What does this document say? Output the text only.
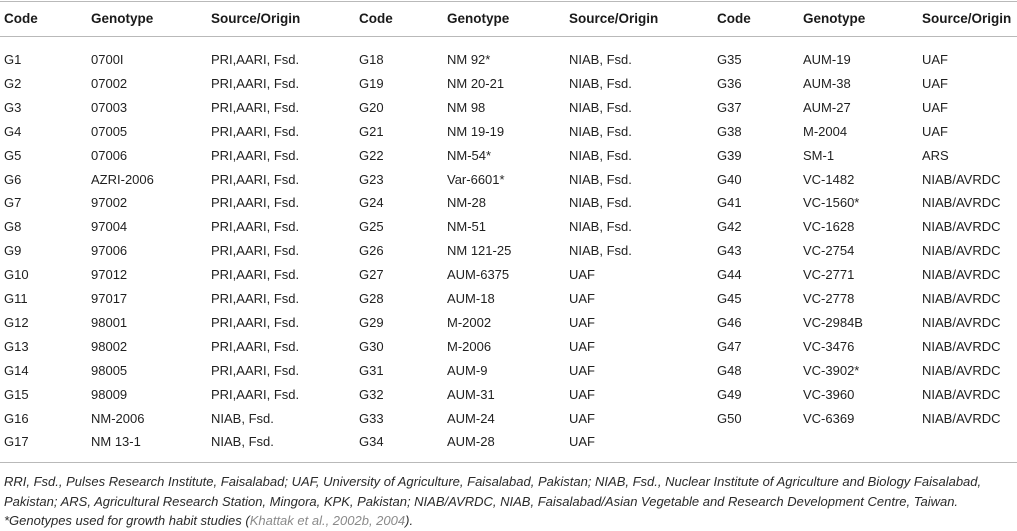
Code	Genotype	Source/Origin	Code	Genotype	Source/Origin	Code	Genotype	Source/Origin
G1	0700I	PRI,AARI, Fsd.	G18	NM 92*	NIAB, Fsd.	G35	AUM-19	UAF
G2	07002	PRI,AARI, Fsd.	G19	NM 20-21	NIAB, Fsd.	G36	AUM-38	UAF
G3	07003	PRI,AARI, Fsd.	G20	NM 98	NIAB, Fsd.	G37	AUM-27	UAF
G4	07005	PRI,AARI, Fsd.	G21	NM 19-19	NIAB, Fsd.	G38	M-2004	UAF
G5	07006	PRI,AARI, Fsd.	G22	NM-54*	NIAB, Fsd.	G39	SM-1	ARS
G6	AZRI-2006	PRI,AARI, Fsd.	G23	Var-6601*	NIAB, Fsd.	G40	VC-1482	NIAB/AVRDC
G7	97002	PRI,AARI, Fsd.	G24	NM-28	NIAB, Fsd.	G41	VC-1560*	NIAB/AVRDC
G8	97004	PRI,AARI, Fsd.	G25	NM-51	NIAB, Fsd.	G42	VC-1628	NIAB/AVRDC
G9	97006	PRI,AARI, Fsd.	G26	NM 121-25	NIAB, Fsd.	G43	VC-2754	NIAB/AVRDC
G10	97012	PRI,AARI, Fsd.	G27	AUM-6375	UAF	G44	VC-2771	NIAB/AVRDC
G11	97017	PRI,AARI, Fsd.	G28	AUM-18	UAF	G45	VC-2778	NIAB/AVRDC
G12	98001	PRI,AARI, Fsd.	G29	M-2002	UAF	G46	VC-2984B	NIAB/AVRDC
G13	98002	PRI,AARI, Fsd.	G30	M-2006	UAF	G47	VC-3476	NIAB/AVRDC
G14	98005	PRI,AARI, Fsd.	G31	AUM-9	UAF	G48	VC-3902*	NIAB/AVRDC
G15	98009	PRI,AARI, Fsd.	G32	AUM-31	UAF	G49	VC-3960	NIAB/AVRDC
G16	NM-2006	NIAB, Fsd.	G33	AUM-24	UAF	G50	VC-6369	NIAB/AVRDC
G17	NM 13-1	NIAB, Fsd.	G34	AUM-28	UAF
RRI, Fsd., Pulses Research Institute, Faisalabad; UAF, University of Agriculture, Faisalabad, Pakistan; NIAB, Fsd., Nuclear Institute of Agriculture and Biology Faisalabad, Pakistan; ARS, Agricultural Research Station, Mingora, KPK, Pakistan; NIAB/AVRDC, NIAB, Faisalabad/Asian Vegetable and Research Development Centre, Taiwan. *Genotypes used for growth habit studies (Khattak et al., 2002b, 2004).
